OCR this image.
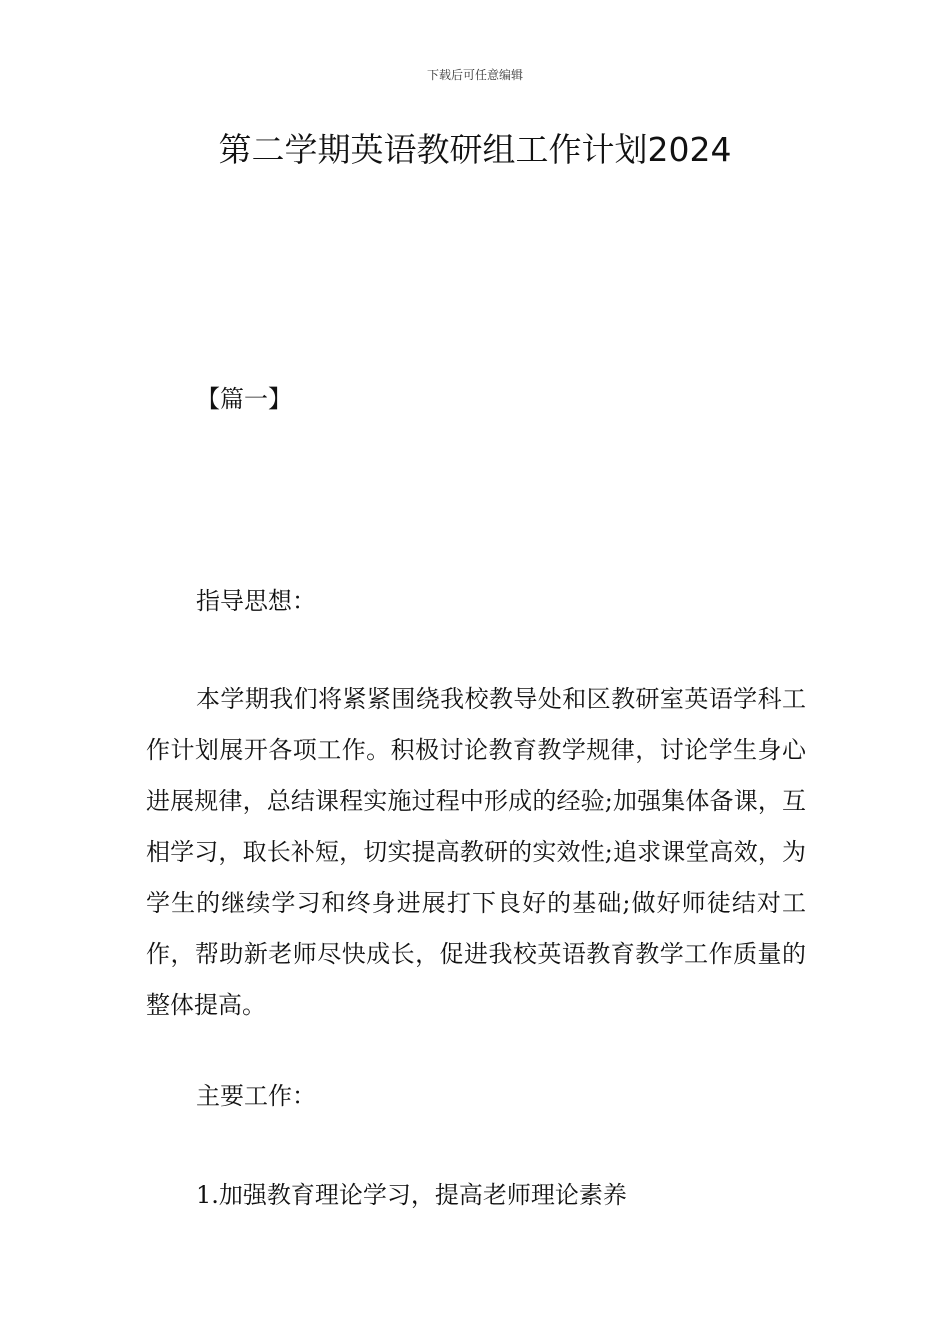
下载后可任意编辑
第二学期英语教研组工作计划2024

【篇一】

指导思想：

本学期我们将紧紧围绕我校教导处和区教研室英语学科工作计划展开各项工作。积极讨论教育教学规律，讨论学生身心进展规律，总结课程实施过程中形成的经验;加强集体备课，互相学习，取长补短，切实提高教研的实效性;追求课堂高效，为学生的继续学习和终身进展打下良好的基础;做好师徒结对工作，帮助新老师尽快成长，促进我校英语教育教学工作质量的整体提高。

主要工作：

1.加强教育理论学习，提高老师理论素养
